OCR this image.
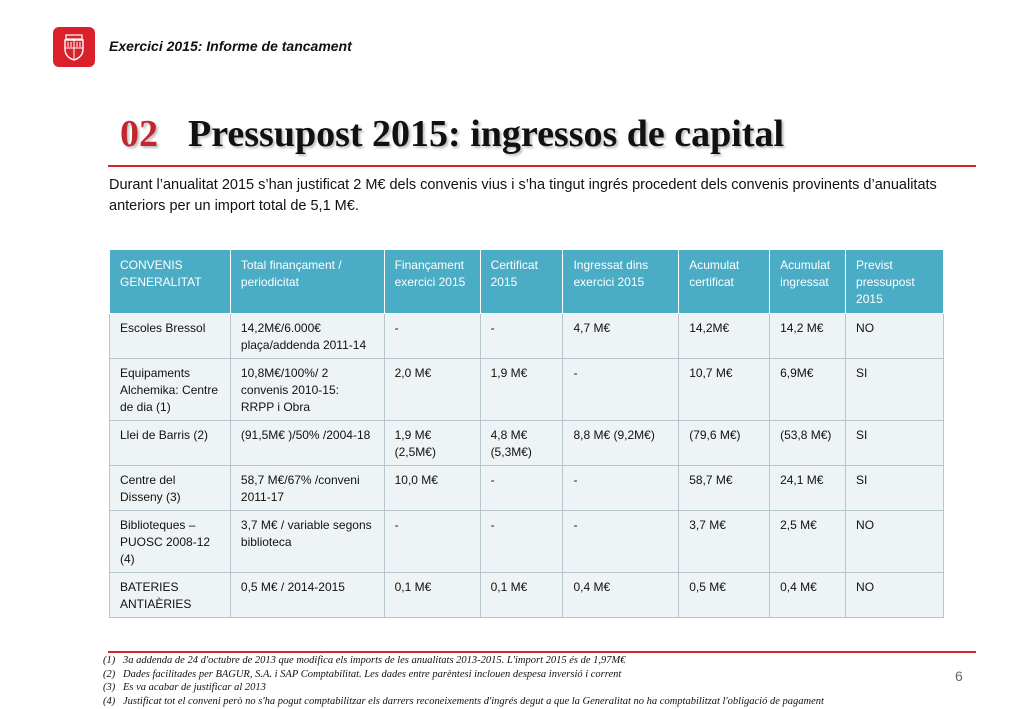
Exercici 2015: Informe de tancament
02 Pressupost 2015: ingressos de capital
Durant l’anualitat 2015 s’han justificat 2 M€ dels convenis vius i s’ha tingut ingrés procedent dels convenis provinents d’anualitats anteriors per un import total de 5,1 M€.
CONVENIS GENERALITAT	Total finançament / periodicitat	Finançament exercici 2015	Certificat 2015	Ingressat dins exercici 2015	Acumulat certificat	Acumulat ingressat	Previst pressupost 2015
Escoles Bressol	14,2M€/6.000€ plaça/addenda 2011-14	-	-	4,7 M€	14,2M€	14,2 M€	NO
Equipaments Alchemika: Centre de dia (1)	10,8M€/100%/ 2 convenis 2010-15: RRPP i Obra	2,0 M€	1,9 M€	-	10,7 M€	6,9M€	SI
Llei de Barris (2)	(91,5M€ )/50% /2004-18	1,9 M€ (2,5M€)	4,8 M€ (5,3M€)	8,8 M€ (9,2M€)	(79,6 M€)	(53,8 M€)	SI
Centre del Disseny (3)	58,7 M€/67% /conveni 2011-17	10,0 M€	-	-	58,7 M€	24,1 M€	SI
Biblioteques – PUOSC 2008-12 (4)	3,7 M€ / variable segons biblioteca	-	-	-	3,7 M€	2,5 M€	NO
BATERIES ANTIAÈRIES	0,5 M€ / 2014-2015	0,1 M€	0,1 M€	0,4 M€	0,5 M€	0,4 M€	NO
(1) 3a addenda de 24 d'octubre de 2013 que modifica els imports de les anualitats 2013-2015. L'import 2015 és de 1,97M€
(2) Dades facilitades per BAGUR, S.A. i SAP Comptabilitat. Les dades entre parèntesi inclouen despesa inversió i corrent
(3) Es va acabar de justificar al 2013
(4) Justificat tot el conveni però no s'ha pogut comptabilitzar els darrers reconeixements d'ingrés degut a que la Generalitat no ha comptabilitzat l'obligació de pagament
6
